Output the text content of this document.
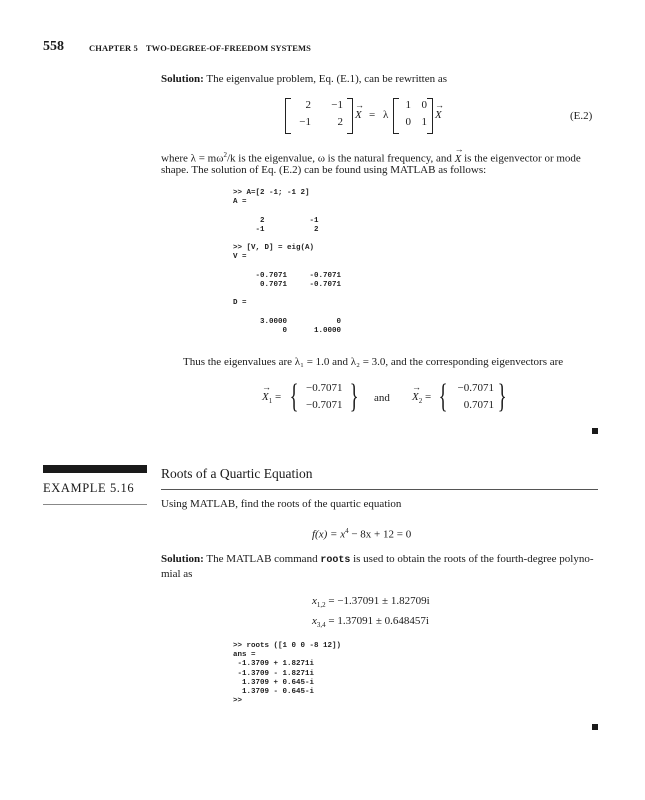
558	CHAPTER 5 TWO-DEGREE-OF-FREEDOM SYSTEMS
Solution: The eigenvalue problem, Eq. (E.1), can be rewritten as
2	−1
−1	2
→ X = λ
1 0
0 1
→ X	(E.2)
where $\lambda = m\omega^2/k$ is the eigenvalue, ω is the natural frequency, and → X is the eigenvector or mode
shape. The solution of Eq. (E.2) can be found using MATLAB as follows:
>> A=[2 -1; -1 2]
A =

2          -1
-1           2

>> [V, D] = eig(A)
V =

-0.7071     -0.7071
0.7071     -0.7071

D =

3.0000           0
0      1.0000
Thus the eigenvalues are λ₁ = 1.0 and λ₂ = 3.0, and the corresponding eigenvectors are
→ $X_1$ = { −0.7071
−0.7071 } and → $X_2$ = { −0.7071
0.7071 }
EXAMPLE 5.16
Roots of a Quartic Equation
Using MATLAB, find the roots of the quartic equation
$f(x) = x^4 - 8x + 12 = 0$
Solution: The MATLAB command roots is used to obtain the roots of the fourth-degree polyno-
mial as
$x_{1,2} = -1.37091 \pm 1.82709i$
$x_{3,4} = 1.37091 \pm 0.648457i$
>> roots ([1 0 0 -8 12])
ans =
-1.3709 + 1.8271i
-1.3709 - 1.8271i
1.3709 + 0.645-i
1.3709 - 0.645-i
>>
